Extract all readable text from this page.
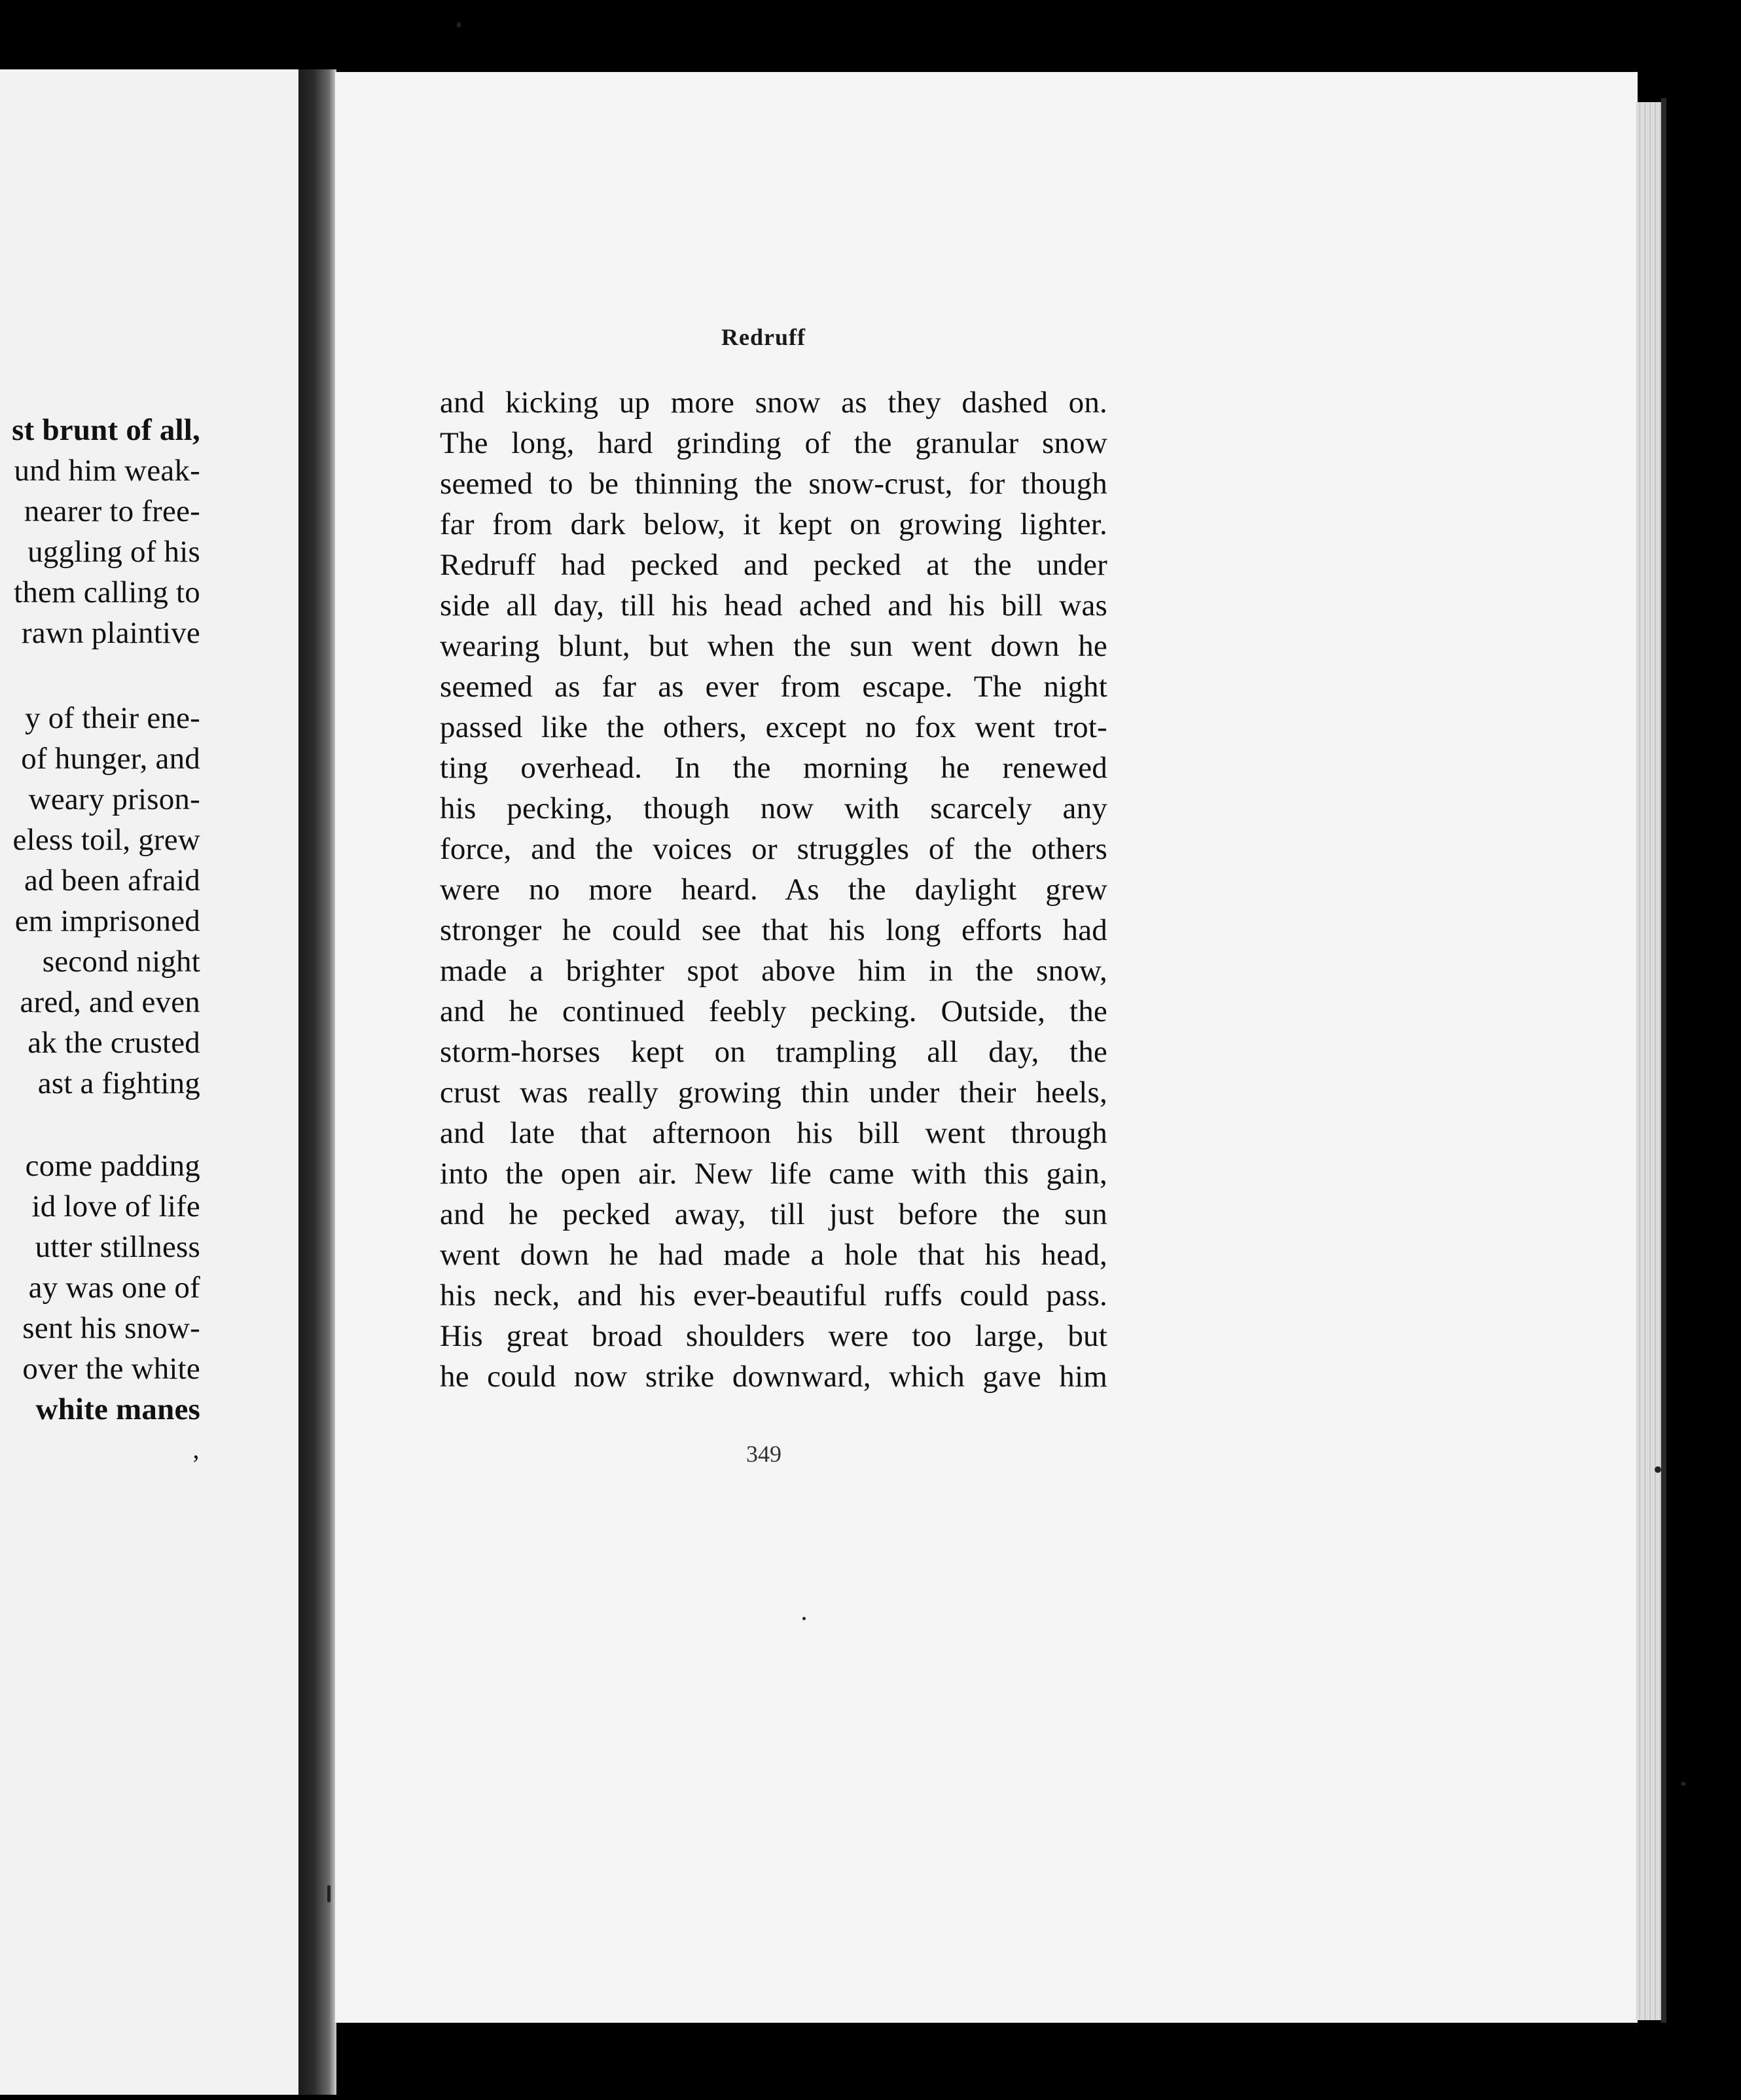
st brunt of all,
und him weak-
nearer to free-
uggling of his
them calling to
rawn plaintive
y of their ene-
of hunger, and
weary prison-
eless toil, grew
ad been afraid
em imprisoned
second night
ared, and even
ak the crusted
ast a fighting
come padding
id love of life
utter stillness
ay was one of
sent his snow-
over the white
white manes
’
Redruff
and kicking up more snow as they dashed on.
The long, hard grinding of the granular snow
seemed to be thinning the snow-crust, for though
far from dark below, it kept on growing lighter.
Redruff had pecked and pecked at the under
side all day, till his head ached and his bill was
wearing blunt, but when the sun went down he
seemed as far as ever from escape. The night
passed like the others, except no fox went trot-
ting overhead. In the morning he renewed
his pecking, though now with scarcely any
force, and the voices or struggles of the others
were no more heard. As the daylight grew
stronger he could see that his long efforts had
made a brighter spot above him in the snow,
and he continued feebly pecking. Outside, the
storm-horses kept on trampling all day, the
crust was really growing thin under their heels,
and late that afternoon his bill went through
into the open air. New life came with this gain,
and he pecked away, till just before the sun
went down he had made a hole that his head,
his neck, and his ever-beautiful ruffs could pass.
His great broad shoulders were too large, but
he could now strike downward, which gave him
349
